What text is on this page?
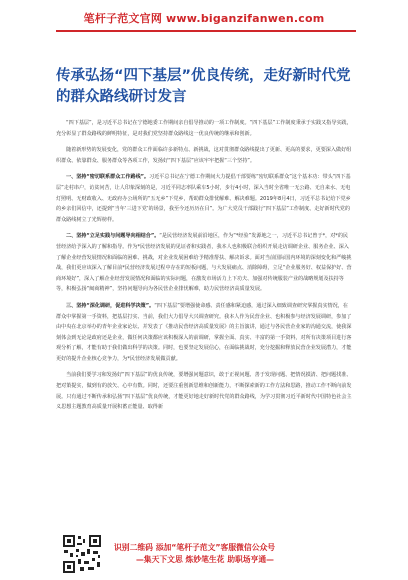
笔杆子范文官网 www.biganzifanwen.com
传承弘扬“四下基层”优良传统，走好新时代党的群众路线研讨发言

“四下基层”，是习近平总书记在宁德地委工作期间亲自倡导推动的一项工作制度。“四下基层”工作制度秉承于实践又指导实践，充分彰显了群众路线的鲜明特征，是对我们党坚持群众路线这一优良传统的继承和创新。

随着新形势的发展变化，党的群众工作面临许多新特点、新挑战，这对贯彻群众路线提出了更新、更高的要求，更要深入做好组织群众、依靠群众、服务群众等各项工作，发扬好“四下基层”应该牢牢把握“三个坚持”。

一、坚持“密切联系群众工作路线”。习近平总书记在宁德工作期间大力提倡干部要练“密切联系群众”这个基本功：带头“四下基层”走村串户，访贫问苦，让人印象深刻的是，习近平同志率队乘车5小时，步行4小时，深入当时全省唯一无公路、无自来水、无电灯照明、无财政收入、无政府办公场所的“五无乡”下党乡，帮助群众排忧解难、解决难题。2019年8月4日，习近平总书记给下党乡的乡亲们回信中，还提到“当年‘三进下党’的场景，我至今还历历在目”。为广大党员干部践行“四下基层”工作制度、走好新时代党的群众路线树立了光辉榜样。

二、坚持“立足实践与问题导向相结合”。“是民营经济发展前沿地区，作为“*经验”发源地之一，习近平总书记曾于*，对*的民营经济给予深入的了解和指导。作为*民营经济发展的见证者和实践者，我本人也积极联合组织开展走访调研企业、服务企业、深入了解企业经营发展情况和面临的困难、挑战，对企业发展困难给予精准帮扶、解决诉求。面对当前国际国内环境的深刻变化和严峻挑战，我们更应该深入了解目前*民营经济发展过程中存在的短板问题，与大发展痛点、消除障碍，立足“企业服务好、权益保护好、营商环境好”，深入了解企业经营发展情况和面临的实际问题，在激发市场活力上下功夫、加强对传统服装产业的战略规划及扶持等等，积极弘扬“闽商精神”，坚持问题导向为各民营企业排忧解难，助力民营经济高质量发展。

三、坚持“深化调研，促进科学决策”。“四下基层”要增强使命感、责任感和紧迫感，通过深入细致调查研究掌握真实情况，在群众中掌握第一手资料，把基层打实、当前，我们大力倡导大兴调查研究。我本人作为民营企业、也积极参与经济发展调研，参加了由中央在北京举办的青年企业家论坛、并发表了《推动民营经济高质量发展》的主旨演讲，通过与各民营企业家的沟通交流，使我深刻体会到无论是政府还是企业，做任何决策都应该积极深入的前调研，掌握全面、真实、丰富的第一手资料，对所有决策项目进行客观分析了解，才能有助于我们做出科学的决策。同时，也要坚定发展信心，在面临挑战时，充分挖掘和释放民营企业发展潜力，才能更好的提升企业核心竞争力，为*民营经济发展做贡献。

当前我们要学习和发扬好“四下基层”的优良传统，要增强问题意识，敢于正视问题、善于发现问题、把情况摸清、把问题找准、把对策提实，做到有的放矢、心中有数。同时，还要注重创新思维和创新能力，不断探索新的工作方法和思路，推动工作不断向前发展。只有通过不断传承和弘扬“四下基层”优良传统，才能更好地走好新时代党的群众路线，为学习贯彻习近平新时代中国特色社会主义思想主题教育高质量开展积蓄正能量、取得新

识别二维码 添加“笔杆子范文”客服微信公众号
—集天下文思 炼妙笔生花 助职场亨通—
